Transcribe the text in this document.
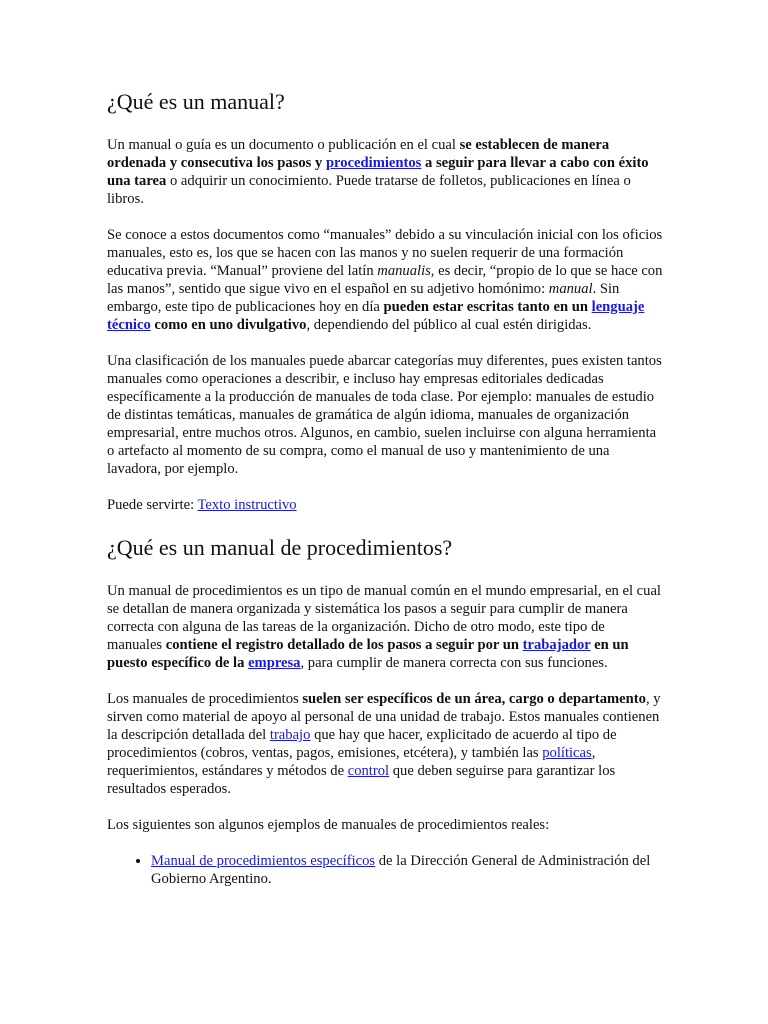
¿Qué es un manual?

Un manual o guía es un documento o publicación en el cual se establecen de manera ordenada y consecutiva los pasos y procedimientos a seguir para llevar a cabo con éxito una tarea o adquirir un conocimiento. Puede tratarse de folletos, publicaciones en línea o libros.

Se conoce a estos documentos como “manuales” debido a su vinculación inicial con los oficios manuales, esto es, los que se hacen con las manos y no suelen requerir de una formación educativa previa. “Manual” proviene del latín manualis, es decir, “propio de lo que se hace con las manos”, sentido que sigue vivo en el español en su adjetivo homónimo: manual. Sin embargo, este tipo de publicaciones hoy en día pueden estar escritas tanto en un lenguaje técnico como en uno divulgativo, dependiendo del público al cual estén dirigidas.

Una clasificación de los manuales puede abarcar categorías muy diferentes, pues existen tantos manuales como operaciones a describir, e incluso hay empresas editoriales dedicadas específicamente a la producción de manuales de toda clase. Por ejemplo: manuales de estudio de distintas temáticas, manuales de gramática de algún idioma, manuales de organización empresarial, entre muchos otros. Algunos, en cambio, suelen incluirse con alguna herramienta o artefacto al momento de su compra, como el manual de uso y mantenimiento de una lavadora, por ejemplo.

Puede servirte: Texto instructivo

¿Qué es un manual de procedimientos?

Un manual de procedimientos es un tipo de manual común en el mundo empresarial, en el cual se detallan de manera organizada y sistemática los pasos a seguir para cumplir de manera correcta con alguna de las tareas de la organización. Dicho de otro modo, este tipo de manuales contiene el registro detallado de los pasos a seguir por un trabajador en un puesto específico de la empresa, para cumplir de manera correcta con sus funciones.

Los manuales de procedimientos suelen ser específicos de un área, cargo o departamento, y sirven como material de apoyo al personal de una unidad de trabajo. Estos manuales contienen la descripción detallada del trabajo que hay que hacer, explicitado de acuerdo al tipo de procedimientos (cobros, ventas, pagos, emisiones, etcétera), y también las políticas, requerimientos, estándares y métodos de control que deben seguirse para garantizar los resultados esperados.

Los siguientes son algunos ejemplos de manuales de procedimientos reales:

• Manual de procedimientos específicos de la Dirección General de Administración del Gobierno Argentino.
